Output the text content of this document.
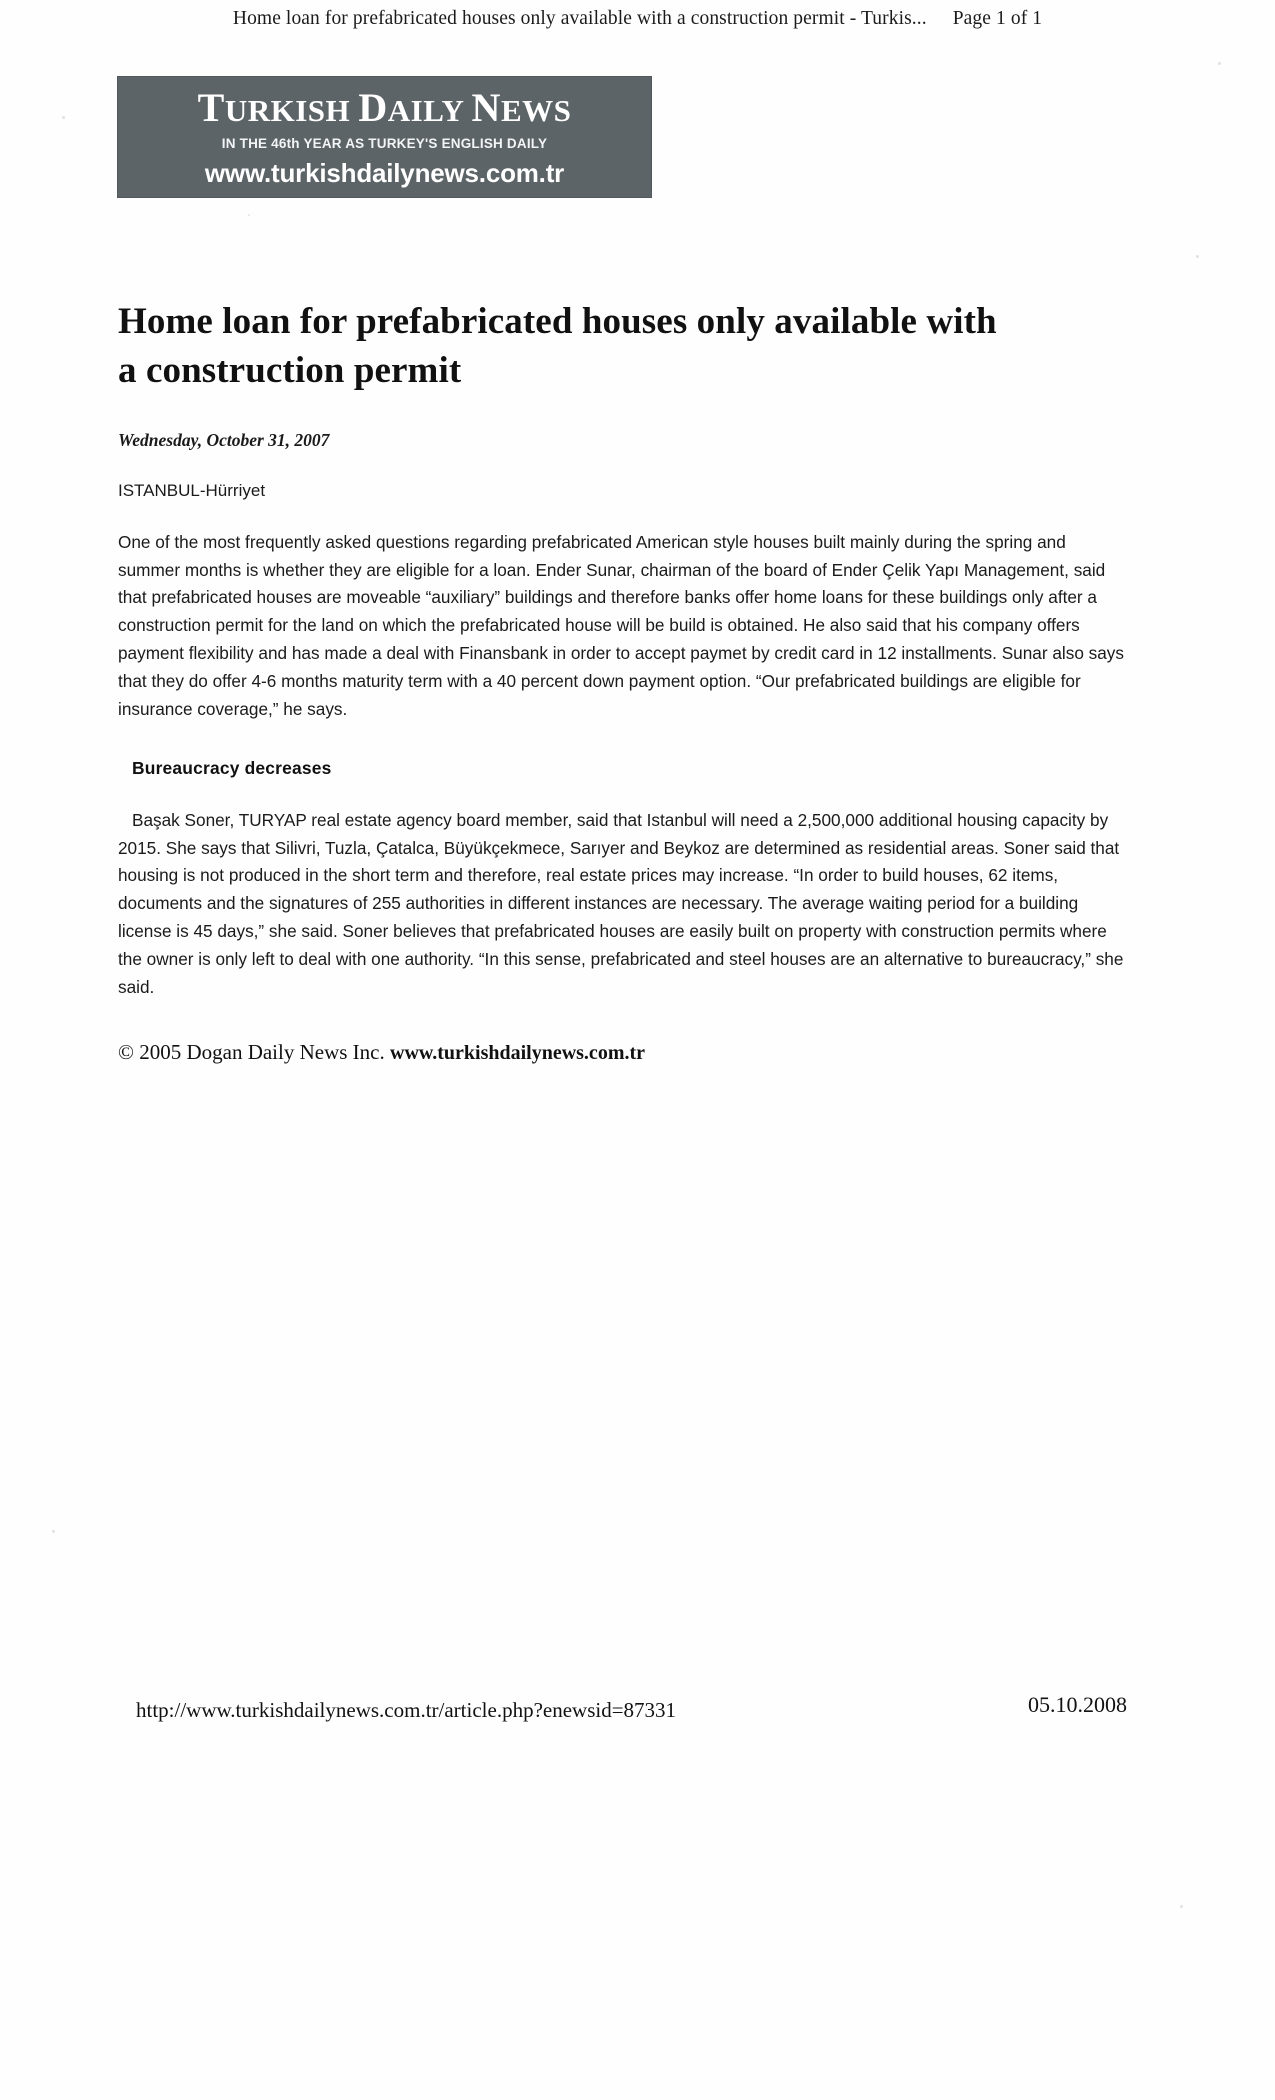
Home loan for prefabricated houses only available with a construction permit - Turkis... Page 1 of 1
TURKISH DAILY NEWS
IN THE 46th YEAR AS TURKEY'S ENGLISH DAILY
www.turkishdailynews.com.tr
Home loan for prefabricated houses only available with a construction permit
Wednesday, October 31, 2007
ISTANBUL-Hürriyet

One of the most frequently asked questions regarding prefabricated American style houses built mainly during the spring and summer months is whether they are eligible for a loan. Ender Sunar, chairman of the board of Ender Çelik Yapı Management, said that prefabricated houses are moveable “auxiliary” buildings and therefore banks offer home loans for these buildings only after a construction permit for the land on which the prefabricated house will be build is obtained. He also said that his company offers payment flexibility and has made a deal with Finansbank in order to accept paymet by credit card in 12 installments. Sunar also says that they do offer 4-6 months maturity term with a 40 percent down payment option. “Our prefabricated buildings are eligible for insurance coverage,” he says.

Bureaucracy decreases

Başak Soner, TURYAP real estate agency board member, said that Istanbul will need a 2,500,000 additional housing capacity by 2015. She says that Silivri, Tuzla, Çatalca, Büyükçekmece, Sarıyer and Beykoz are determined as residential areas. Soner said that housing is not produced in the short term and therefore, real estate prices may increase. “In order to build houses, 62 items, documents and the signatures of 255 authorities in different instances are necessary. The average waiting period for a building license is 45 days,” she said. Soner believes that prefabricated houses are easily built on property with construction permits where the owner is only left to deal with one authority. “In this sense, prefabricated and steel houses are an alternative to bureaucracy,” she said.

© 2005 Dogan Daily News Inc. www.turkishdailynews.com.tr
http://www.turkishdailynews.com.tr/article.php?enewsid=87331	05.10.2008
